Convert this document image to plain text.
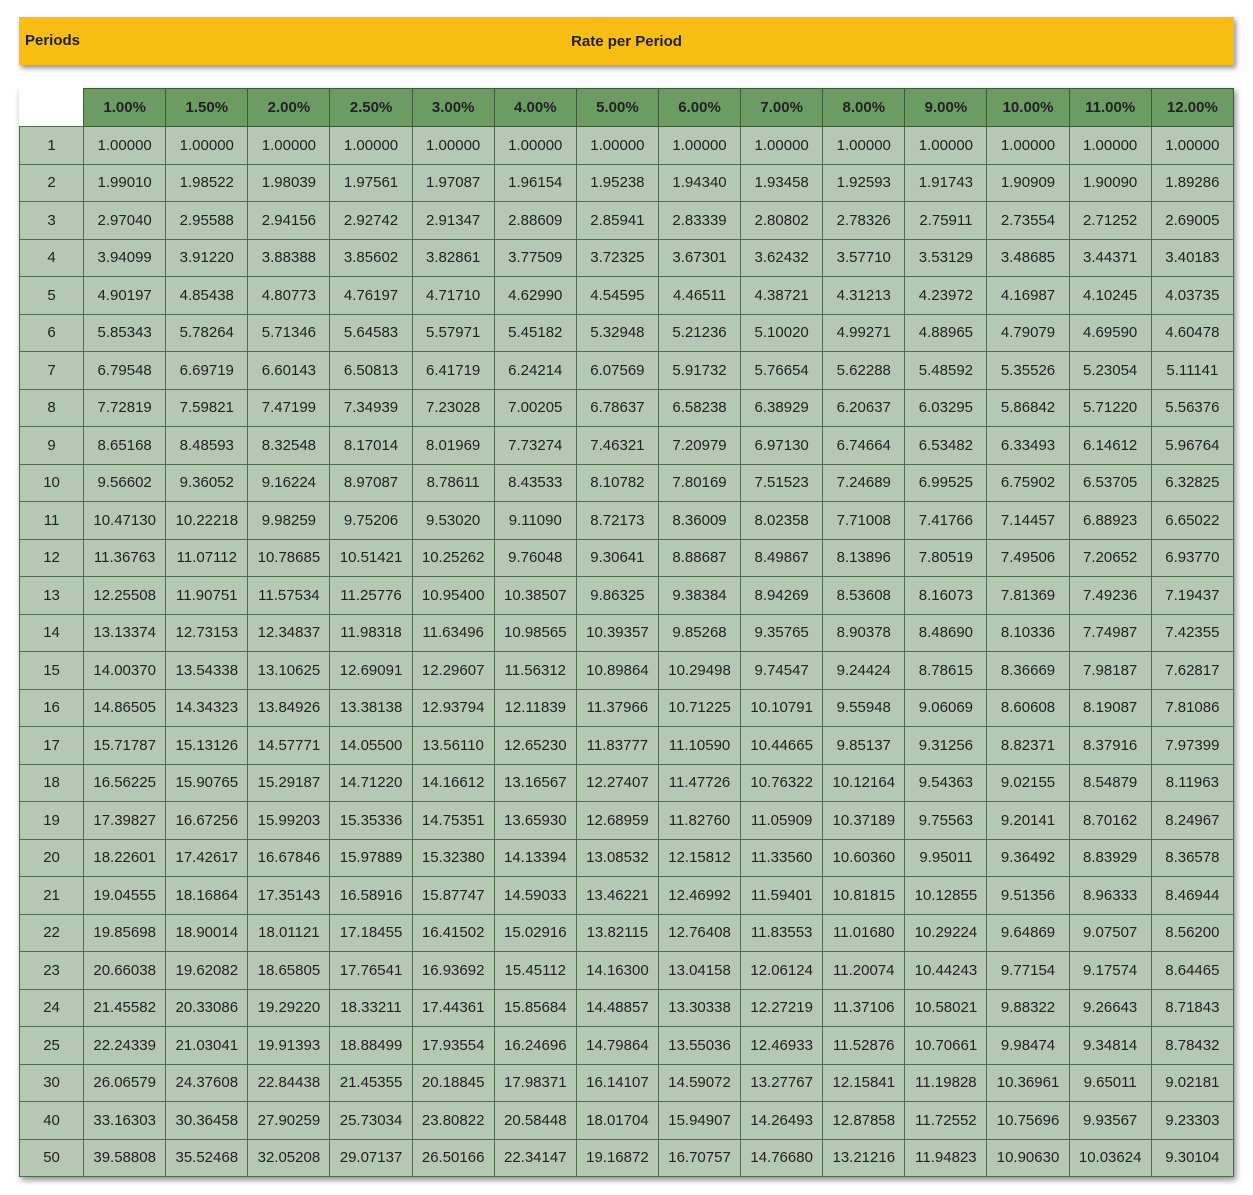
Periods	Rate per Period
	1.00%	1.50%	2.00%	2.50%	3.00%	4.00%	5.00%	6.00%	7.00%	8.00%	9.00%	10.00%	11.00%	12.00%
1	1.00000	1.00000	1.00000	1.00000	1.00000	1.00000	1.00000	1.00000	1.00000	1.00000	1.00000	1.00000	1.00000	1.00000
2	1.99010	1.98522	1.98039	1.97561	1.97087	1.96154	1.95238	1.94340	1.93458	1.92593	1.91743	1.90909	1.90090	1.89286
3	2.97040	2.95588	2.94156	2.92742	2.91347	2.88609	2.85941	2.83339	2.80802	2.78326	2.75911	2.73554	2.71252	2.69005
4	3.94099	3.91220	3.88388	3.85602	3.82861	3.77509	3.72325	3.67301	3.62432	3.57710	3.53129	3.48685	3.44371	3.40183
5	4.90197	4.85438	4.80773	4.76197	4.71710	4.62990	4.54595	4.46511	4.38721	4.31213	4.23972	4.16987	4.10245	4.03735
6	5.85343	5.78264	5.71346	5.64583	5.57971	5.45182	5.32948	5.21236	5.10020	4.99271	4.88965	4.79079	4.69590	4.60478
7	6.79548	6.69719	6.60143	6.50813	6.41719	6.24214	6.07569	5.91732	5.76654	5.62288	5.48592	5.35526	5.23054	5.11141
8	7.72819	7.59821	7.47199	7.34939	7.23028	7.00205	6.78637	6.58238	6.38929	6.20637	6.03295	5.86842	5.71220	5.56376
9	8.65168	8.48593	8.32548	8.17014	8.01969	7.73274	7.46321	7.20979	6.97130	6.74664	6.53482	6.33493	6.14612	5.96764
10	9.56602	9.36052	9.16224	8.97087	8.78611	8.43533	8.10782	7.80169	7.51523	7.24689	6.99525	6.75902	6.53705	6.32825
11	10.47130	10.22218	9.98259	9.75206	9.53020	9.11090	8.72173	8.36009	8.02358	7.71008	7.41766	7.14457	6.88923	6.65022
12	11.36763	11.07112	10.78685	10.51421	10.25262	9.76048	9.30641	8.88687	8.49867	8.13896	7.80519	7.49506	7.20652	6.93770
13	12.25508	11.90751	11.57534	11.25776	10.95400	10.38507	9.86325	9.38384	8.94269	8.53608	8.16073	7.81369	7.49236	7.19437
14	13.13374	12.73153	12.34837	11.98318	11.63496	10.98565	10.39357	9.85268	9.35765	8.90378	8.48690	8.10336	7.74987	7.42355
15	14.00370	13.54338	13.10625	12.69091	12.29607	11.56312	10.89864	10.29498	9.74547	9.24424	8.78615	8.36669	7.98187	7.62817
16	14.86505	14.34323	13.84926	13.38138	12.93794	12.11839	11.37966	10.71225	10.10791	9.55948	9.06069	8.60608	8.19087	7.81086
17	15.71787	15.13126	14.57771	14.05500	13.56110	12.65230	11.83777	11.10590	10.44665	9.85137	9.31256	8.82371	8.37916	7.97399
18	16.56225	15.90765	15.29187	14.71220	14.16612	13.16567	12.27407	11.47726	10.76322	10.12164	9.54363	9.02155	8.54879	8.11963
19	17.39827	16.67256	15.99203	15.35336	14.75351	13.65930	12.68959	11.82760	11.05909	10.37189	9.75563	9.20141	8.70162	8.24967
20	18.22601	17.42617	16.67846	15.97889	15.32380	14.13394	13.08532	12.15812	11.33560	10.60360	9.95011	9.36492	8.83929	8.36578
21	19.04555	18.16864	17.35143	16.58916	15.87747	14.59033	13.46221	12.46992	11.59401	10.81815	10.12855	9.51356	8.96333	8.46944
22	19.85698	18.90014	18.01121	17.18455	16.41502	15.02916	13.82115	12.76408	11.83553	11.01680	10.29224	9.64869	9.07507	8.56200
23	20.66038	19.62082	18.65805	17.76541	16.93692	15.45112	14.16300	13.04158	12.06124	11.20074	10.44243	9.77154	9.17574	8.64465
24	21.45582	20.33086	19.29220	18.33211	17.44361	15.85684	14.48857	13.30338	12.27219	11.37106	10.58021	9.88322	9.26643	8.71843
25	22.24339	21.03041	19.91393	18.88499	17.93554	16.24696	14.79864	13.55036	12.46933	11.52876	10.70661	9.98474	9.34814	8.78432
30	26.06579	24.37608	22.84438	21.45355	20.18845	17.98371	16.14107	14.59072	13.27767	12.15841	11.19828	10.36961	9.65011	9.02181
40	33.16303	30.36458	27.90259	25.73034	23.80822	20.58448	18.01704	15.94907	14.26493	12.87858	11.72552	10.75696	9.93567	9.23303
50	39.58808	35.52468	32.05208	29.07137	26.50166	22.34147	19.16872	16.70757	14.76680	13.21216	11.94823	10.90630	10.03624	9.30104
